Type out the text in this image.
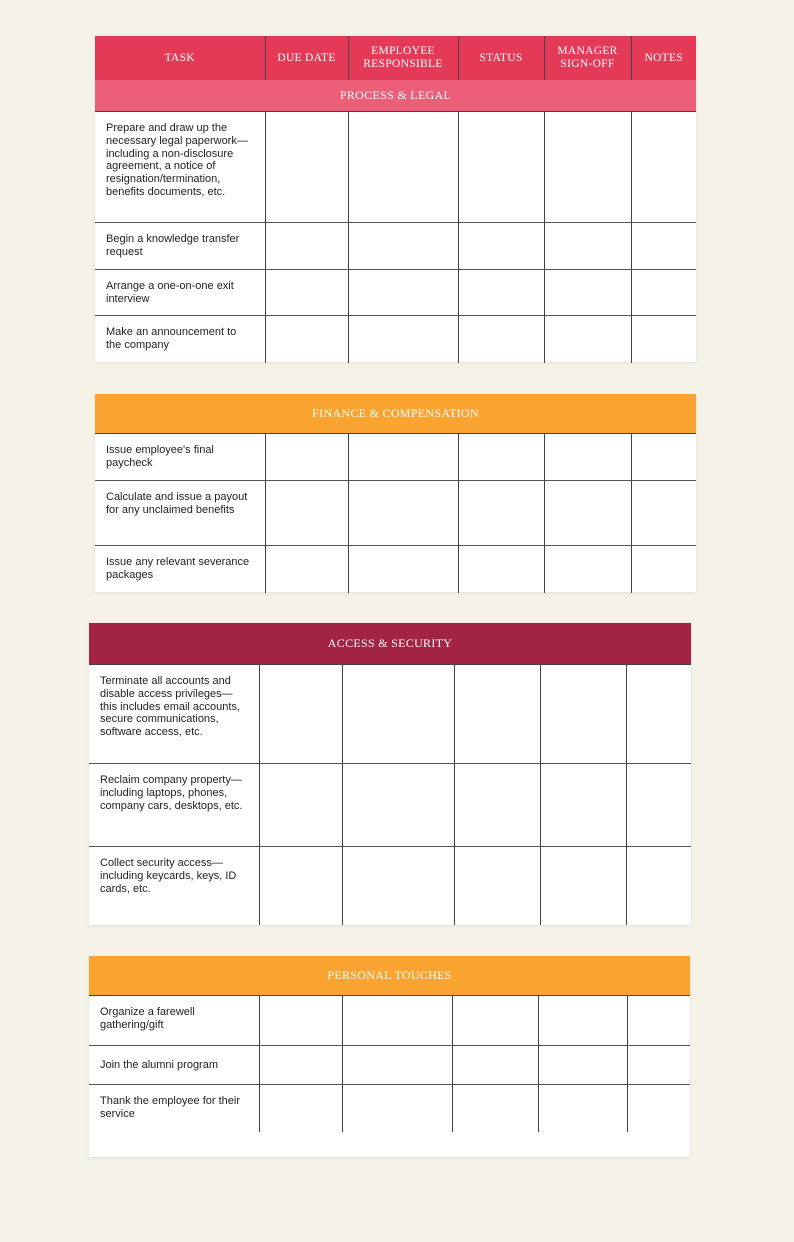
TASK	DUE DATE	EMPLOYEE RESPONSIBLE	STATUS	MANAGER SIGN-OFF	NOTES
PROCESS & LEGAL					
Prepare and draw up the necessary legal paperwork—including a non-disclosure agreement, a notice of resignation/termination, benefits documents, etc.					
Begin a knowledge transfer request					
Arrange a one-on-one exit interview					
Make an announcement to the company					
FINANCE & COMPENSATION					
Issue employee's final paycheck					
Calculate and issue a payout for any unclaimed benefits					
Issue any relevant severance packages					
ACCESS & SECURITY					
Terminate all accounts and disable access privileges—this includes email accounts, secure communications, software access, etc.					
Reclaim company property—including laptops, phones, company cars, desktops, etc.					
Collect security access—including keycards, keys, ID cards, etc.					
PERSONAL TOUCHES					
Organize a farewell gathering/gift					
Join the alumni program					
Thank the employee for their service					
